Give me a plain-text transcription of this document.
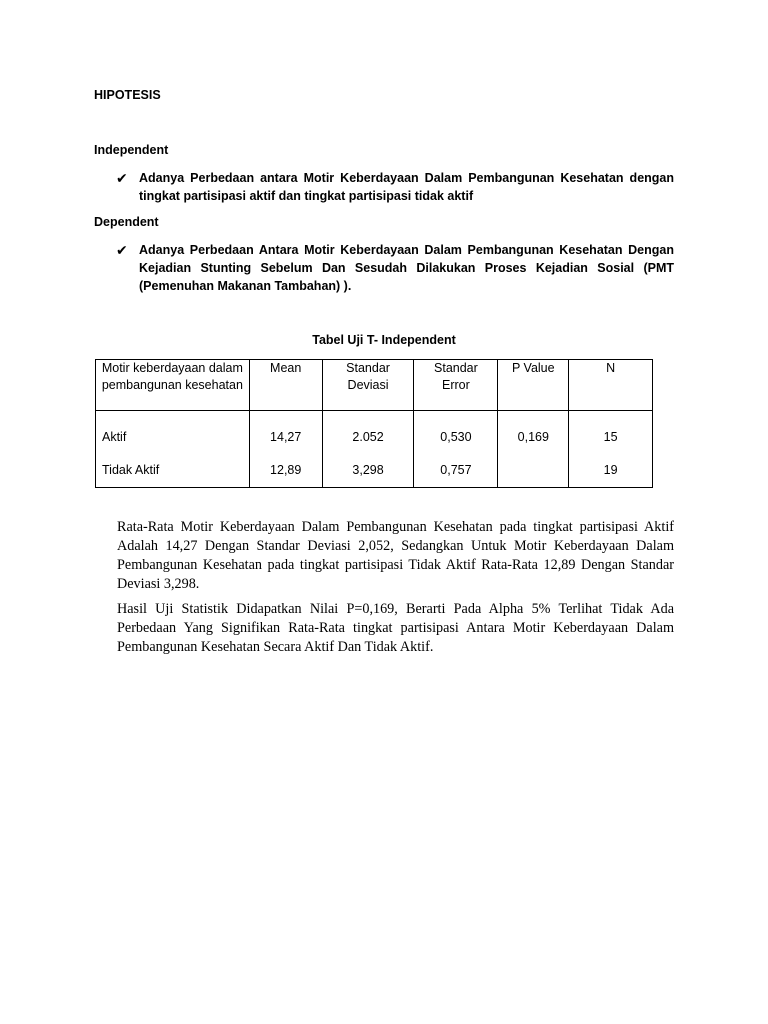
HIPOTESIS
Independent
✔ Adanya Perbedaan antara Motir Keberdayaan Dalam Pembangunan Kesehatan dengan tingkat partisipasi aktif dan tingkat partisipasi tidak aktif
Dependent
✔ Adanya Perbedaan Antara Motir Keberdayaan Dalam Pembangunan Kesehatan Dengan Kejadian Stunting Sebelum Dan Sesudah Dilakukan Proses Kejadian Sosial (PMT (Pemenuhan Makanan Tambahan) ).
Tabel Uji T- Independent
Motir keberdayaan dalam pembangunan kesehatan	Mean	Standar Deviasi	Standar Error	P Value	N
Aktif	14,27	2.052	0,530	0,169	15
Tidak Aktif	12,89	3,298	0,757		19

Rata-Rata Motir Keberdayaan Dalam Pembangunan Kesehatan pada tingkat partisipasi Aktif Adalah 14,27 Dengan Standar Deviasi 2,052, Sedangkan Untuk Motir Keberdayaan Dalam Pembangunan Kesehatan pada tingkat partisipasi Tidak Aktif Rata-Rata 12,89 Dengan Standar Deviasi 3,298.

Hasil Uji Statistik Didapatkan Nilai P=0,169, Berarti Pada Alpha 5% Terlihat Tidak Ada Perbedaan Yang Signifikan Rata-Rata tingkat partisipasi Antara Motir Keberdayaan Dalam Pembangunan Kesehatan Secara Aktif Dan Tidak Aktif.
